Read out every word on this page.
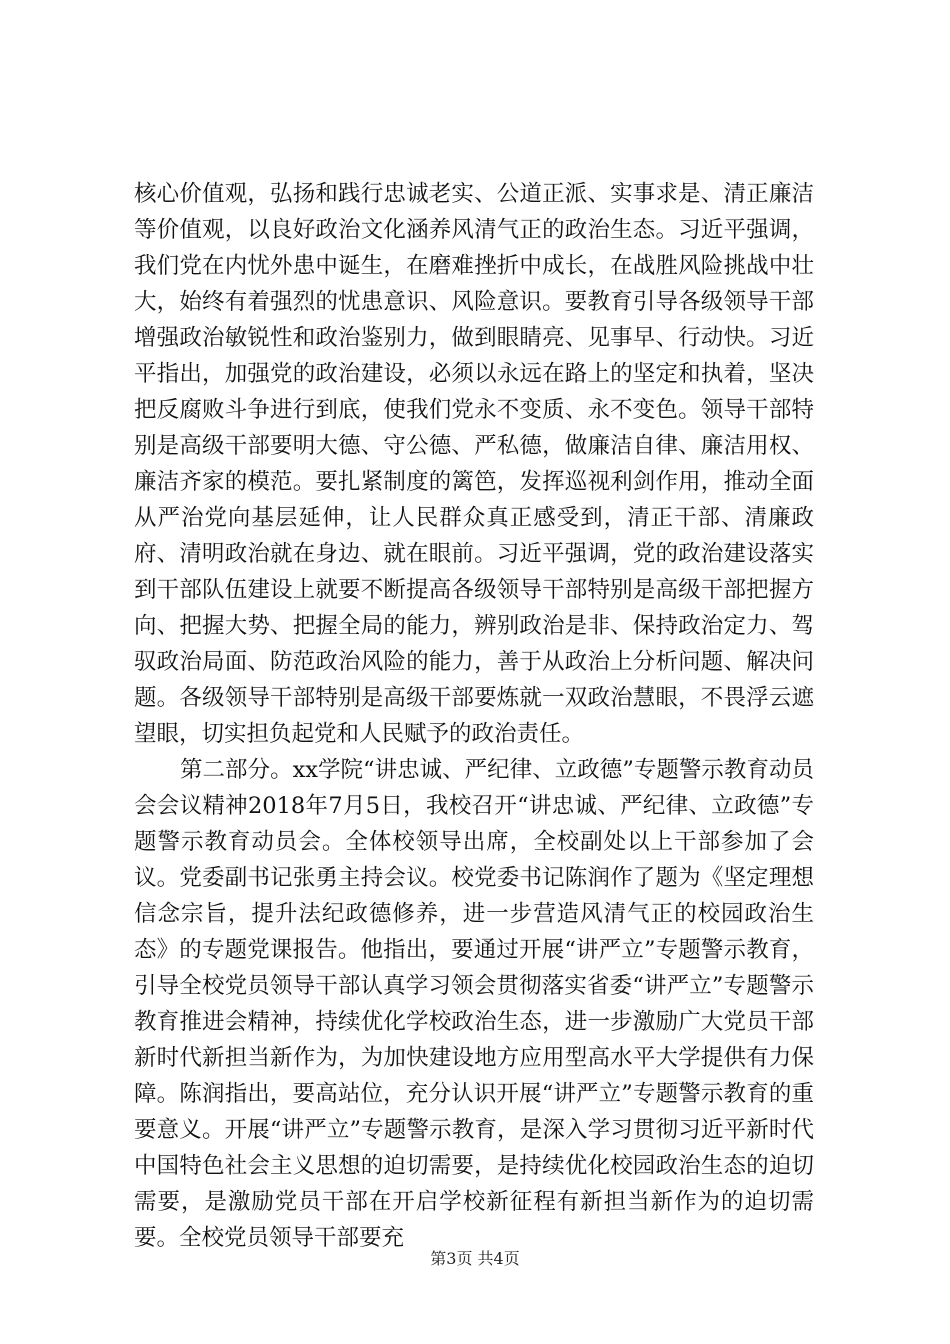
核心价值观，弘扬和践行忠诚老实、公道正派、实事求是、清正廉洁等价值观，以良好政治文化涵养风清气正的政治生态。习近平强调，我们党在内忧外患中诞生，在磨难挫折中成长，在战胜风险挑战中壮大，始终有着强烈的忧患意识、风险意识。要教育引导各级领导干部增强政治敏锐性和政治鉴别力，做到眼睛亮、见事早、行动快。习近平指出，加强党的政治建设，必须以永远在路上的坚定和执着，坚决把反腐败斗争进行到底，使我们党永不变质、永不变色。领导干部特别是高级干部要明大德、守公德、严私德，做廉洁自律、廉洁用权、廉洁齐家的模范。要扎紧制度的篱笆，发挥巡视利剑作用，推动全面从严治党向基层延伸，让人民群众真正感受到，清正干部、清廉政府、清明政治就在身边、就在眼前。习近平强调，党的政治建设落实到干部队伍建设上就要不断提高各级领导干部特别是高级干部把握方向、把握大势、把握全局的能力，辨别政治是非、保持政治定力、驾驭政治局面、防范政治风险的能力，善于从政治上分析问题、解决问题。各级领导干部特别是高级干部要炼就一双政治慧眼，不畏浮云遮望眼，切实担负起党和人民赋予的政治责任。

第二部分。xx学院“讲忠诚、严纪律、立政德”专题警示教育动员会会议精神2018年7月5日，我校召开“讲忠诚、严纪律、立政德”专题警示教育动员会。全体校领导出席，全校副处以上干部参加了会议。党委副书记张勇主持会议。校党委书记陈润作了题为《坚定理想信念宗旨，提升法纪政德修养，进一步营造风清气正的校园政治生态》的专题党课报告。他指出，要通过开展“讲严立”专题警示教育，引导全校党员领导干部认真学习领会贯彻落实省委“讲严立”专题警示教育推进会精神，持续优化学校政治生态，进一步激励广大党员干部新时代新担当新作为，为加快建设地方应用型高水平大学提供有力保障。陈润指出，要高站位，充分认识开展“讲严立”专题警示教育的重要意义。开展“讲严立”专题警示教育，是深入学习贯彻习近平新时代中国特色社会主义思想的迫切需要，是持续优化校园政治生态的迫切需要，是激励党员干部在开启学校新征程有新担当新作为的迫切需要。全校党员领导干部要充

第3页 共4页
